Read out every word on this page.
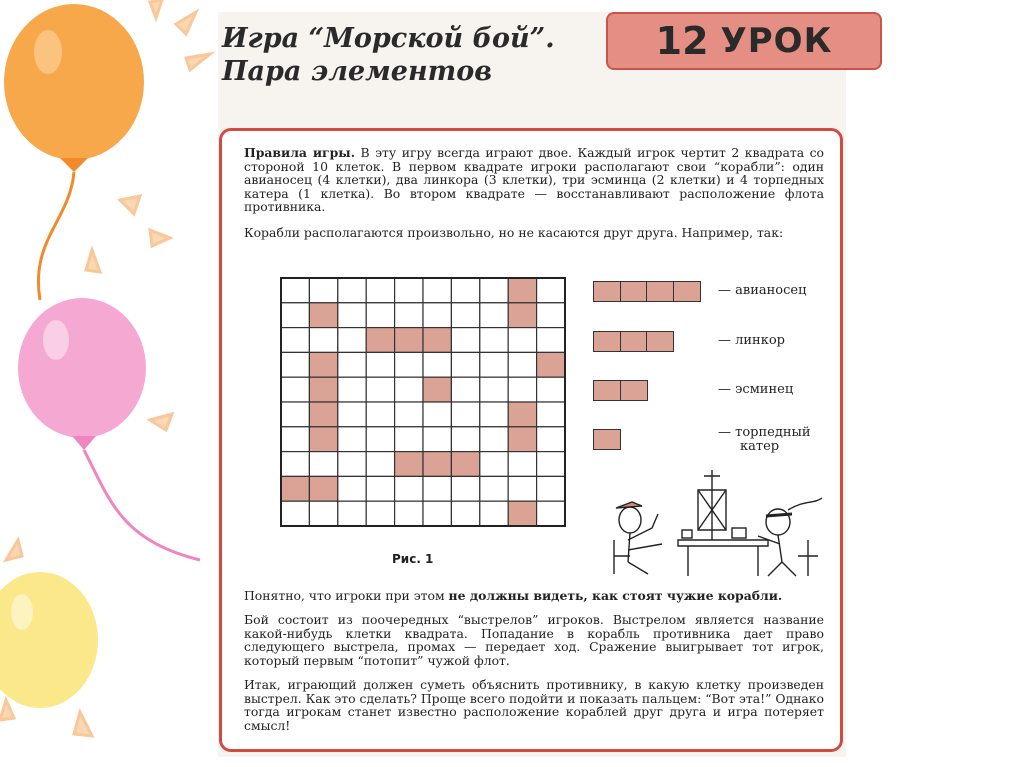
Игра “Морской бой”.
Пара элементов
12 УРОК
Правила игры. В эту игру всегда играют двое. Каждый игрок чертит 2 квадрата со стороной 10 клеток. В первом квадрате игроки располагают свои “корабли”: один авианосец (4 клетки), два линкора (3 клетки), три эсминца (2 клетки) и 4 торпедных катера (1 клетка). Во втором квадрате — восстанавливают расположение флота противника.
Корабли располагаются произвольно, но не касаются друг друга. Например, так:
Рис. 1
— авианосец
— линкор
— эсминец
— торпедный
катер
Понятно, что игроки при этом не должны видеть, как стоят чужие корабли.
Бой состоит из поочередных “выстрелов” игроков. Выстрелом является название какой-нибудь клетки квадрата. Попадание в корабль противника дает право следующего выстрела, промах — передает ход. Сражение выигрывает тот игрок, который первым “потопит” чужой флот.
Итак, играющий должен суметь объяснить противнику, в какую клетку произведен выстрел. Как это сделать? Проще всего подойти и показать пальцем: “Вот эта!” Однако тогда игрокам станет известно расположение кораблей друг друга и игра потеряет смысл!
